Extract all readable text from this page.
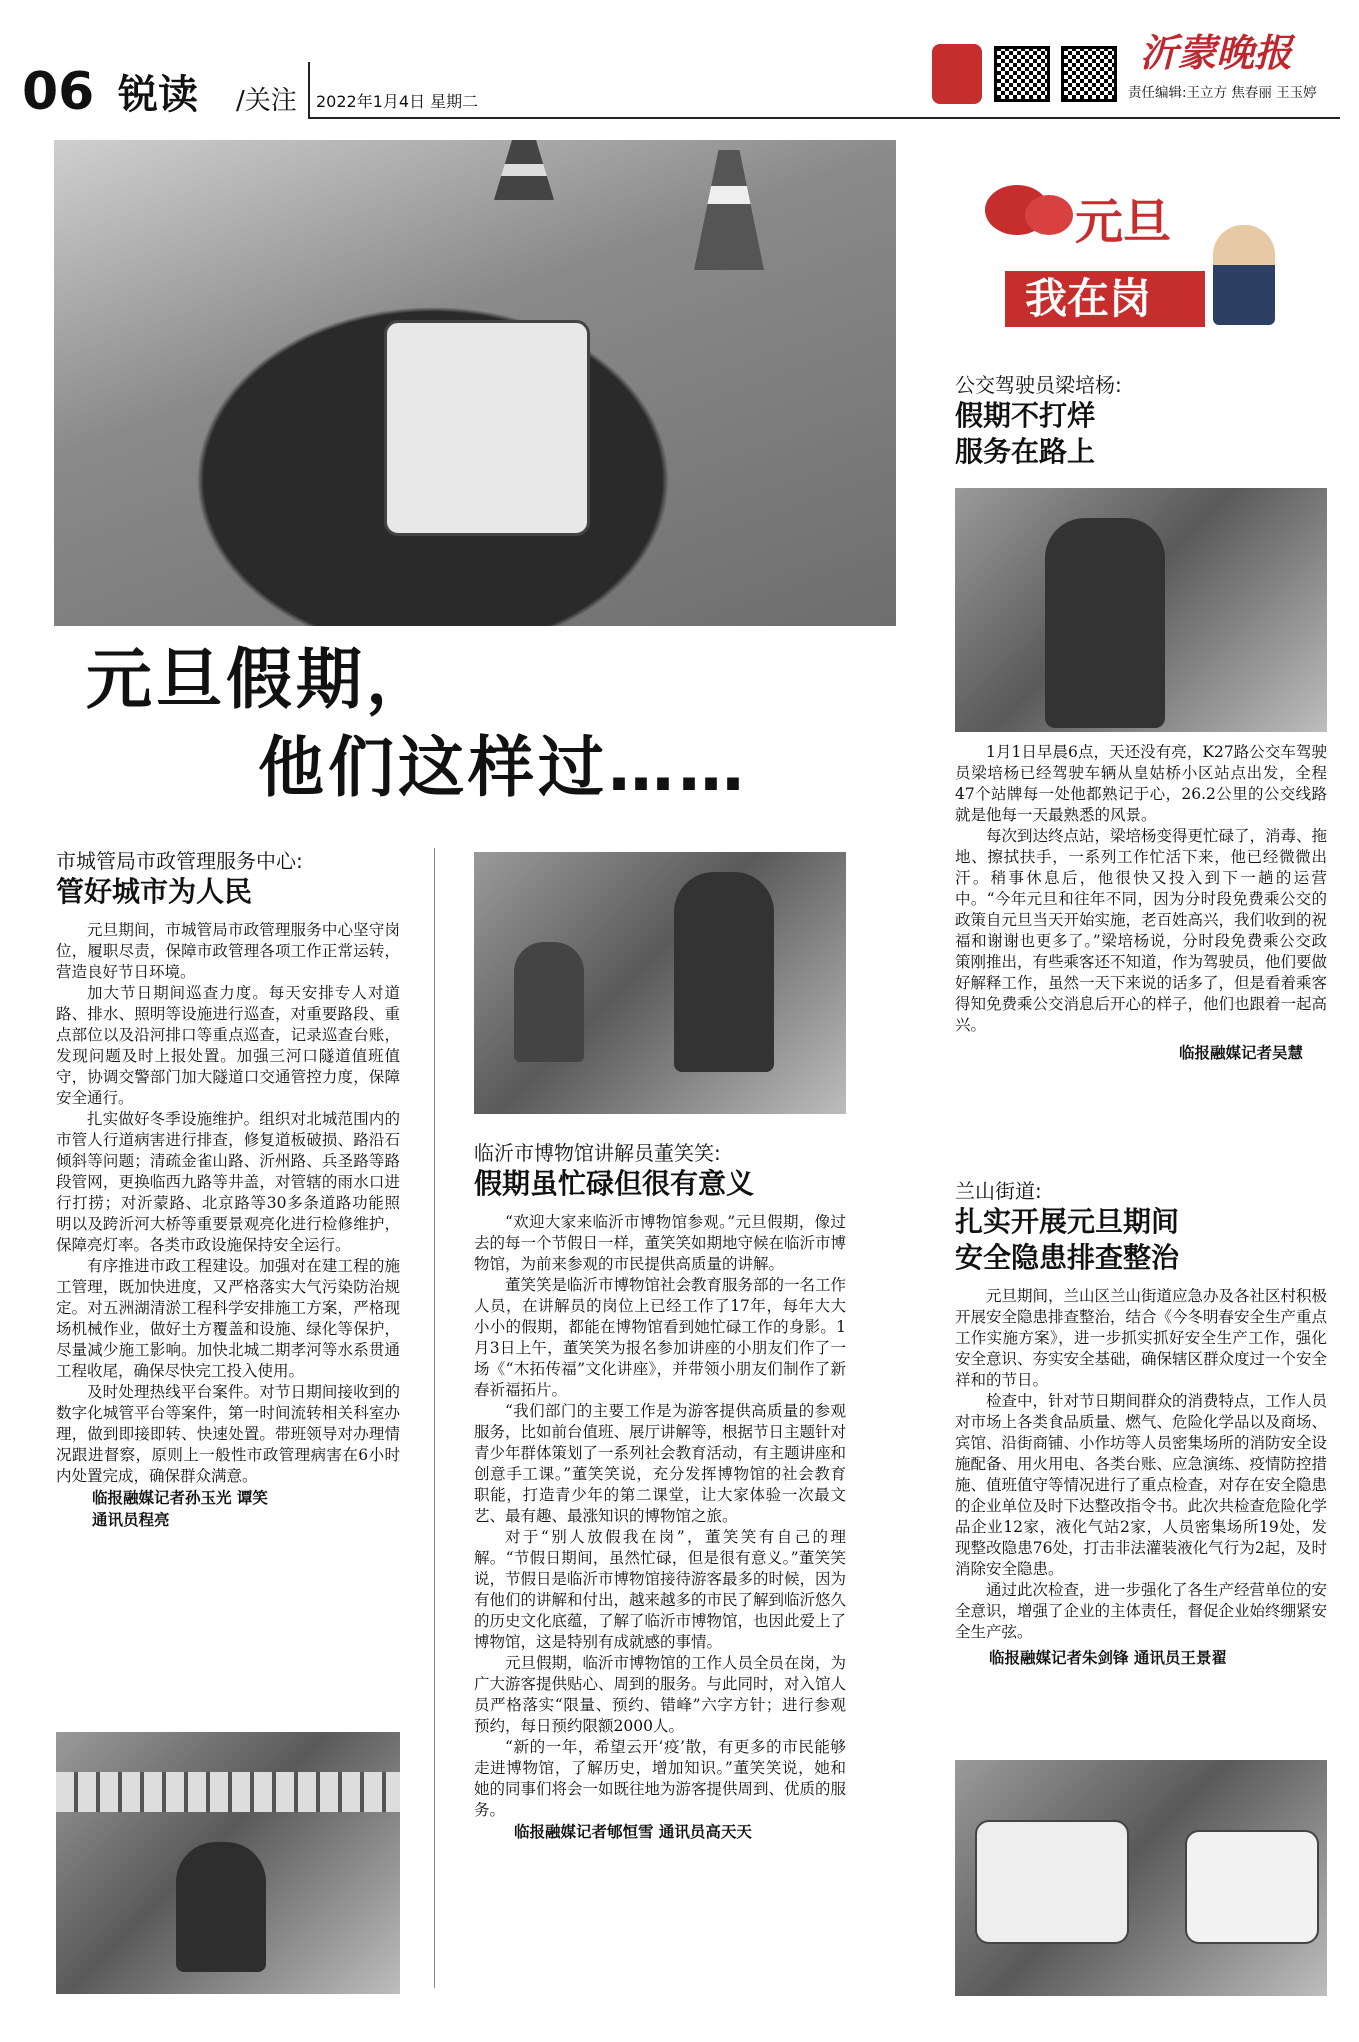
06 锐读 /关注 2022年1月4日 星期二
沂蒙晚报
责任编辑:王立方 焦春丽 王玉婷
元旦假期，
他们这样过……
元旦
我在岗
公交驾驶员梁培杨:
假期不打烊
服务在路上

1月1日早晨6点，天还没有亮，K27路公交车驾驶员梁培杨已经驾驶车辆从皇姑桥小区站点出发，全程47个站牌每一处他都熟记于心，26.2公里的公交线路就是他每一天最熟悉的风景。

每次到达终点站，梁培杨变得更忙碌了，消毒、拖地、擦拭扶手，一系列工作忙活下来，他已经微微出汗。稍事休息后，他很快又投入到下一趟的运营中。“今年元旦和往年不同，因为分时段免费乘公交的政策自元旦当天开始实施，老百姓高兴，我们收到的祝福和谢谢也更多了。”梁培杨说，分时段免费乘公交政策刚推出，有些乘客还不知道，作为驾驶员，他们要做好解释工作，虽然一天下来说的话多了，但是看着乘客得知免费乘公交消息后开心的样子，他们也跟着一起高兴。

临报融媒记者吴慧
兰山街道:
扎实开展元旦期间
安全隐患排查整治

元旦期间，兰山区兰山街道应急办及各社区村积极开展安全隐患排查整治，结合《今冬明春安全生产重点工作实施方案》，进一步抓实抓好安全生产工作，强化安全意识、夯实安全基础，确保辖区群众度过一个安全祥和的节日。

检查中，针对节日期间群众的消费特点，工作人员对市场上各类食品质量、燃气、危险化学品以及商场、宾馆、沿街商铺、小作坊等人员密集场所的消防安全设施配备、用火用电、各类台账、应急演练、疫情防控措施、值班值守等情况进行了重点检查，对存在安全隐患的企业单位及时下达整改指令书。此次共检查危险化学品企业12家，液化气站2家，人员密集场所19处，发现整改隐患76处，打击非法灌装液化气行为2起，及时消除安全隐患。

通过此次检查，进一步强化了各生产经营单位的安全意识，增强了企业的主体责任，督促企业始终绷紧安全生产弦。

临报融媒记者朱剑锋 通讯员王景翟
市城管局市政管理服务中心:
管好城市为人民

元旦期间，市城管局市政管理服务中心坚守岗位，履职尽责，保障市政管理各项工作正常运转，营造良好节日环境。

加大节日期间巡查力度。每天安排专人对道路、排水、照明等设施进行巡查，对重要路段、重点部位以及沿河排口等重点巡查，记录巡查台账，发现问题及时上报处置。加强三河口隧道值班值守，协调交警部门加大隧道口交通管控力度，保障安全通行。

扎实做好冬季设施维护。组织对北城范围内的市管人行道病害进行排查，修复道板破损、路沿石倾斜等问题；清疏金雀山路、沂州路、兵圣路等路段管网，更换临西九路等井盖，对管辖的雨水口进行打捞；对沂蒙路、北京路等30多条道路功能照明以及跨沂河大桥等重要景观亮化进行检修维护，保障亮灯率。各类市政设施保持安全运行。

有序推进市政工程建设。加强对在建工程的施工管理，既加快进度，又严格落实大气污染防治规定。对五洲湖清淤工程科学安排施工方案，严格现场机械作业，做好土方覆盖和设施、绿化等保护，尽量减少施工影响。加快北城二期孝河等水系贯通工程收尾，确保尽快完工投入使用。

及时处理热线平台案件。对节日期间接收到的数字化城管平台等案件，第一时间流转相关科室办理，做到即接即转、快速处置。带班领导对办理情况跟进督察，原则上一般性市政管理病害在6小时内处置完成，确保群众满意。

临报融媒记者孙玉光 谭笑
通讯员程亮
临沂市博物馆讲解员董笑笑:
假期虽忙碌但很有意义

“欢迎大家来临沂市博物馆参观。”元旦假期，像过去的每一个节假日一样，董笑笑如期地守候在临沂市博物馆，为前来参观的市民提供高质量的讲解。

董笑笑是临沂市博物馆社会教育服务部的一名工作人员，在讲解员的岗位上已经工作了17年，每年大大小小的假期，都能在博物馆看到她忙碌工作的身影。1月3日上午，董笑笑为报名参加讲座的小朋友们作了一场《“木拓传福”文化讲座》，并带领小朋友们制作了新春祈福拓片。

“我们部门的主要工作是为游客提供高质量的参观服务，比如前台值班、展厅讲解等，根据节日主题针对青少年群体策划了一系列社会教育活动，有主题讲座和创意手工课。”董笑笑说，充分发挥博物馆的社会教育职能，打造青少年的第二课堂，让大家体验一次最文艺、最有趣、最涨知识的博物馆之旅。

对于“别人放假我在岗”，董笑笑有自己的理解。“节假日期间，虽然忙碌，但是很有意义。”董笑笑说，节假日是临沂市博物馆接待游客最多的时候，因为有他们的讲解和付出，越来越多的市民了解到临沂悠久的历史文化底蕴，了解了临沂市博物馆，也因此爱上了博物馆，这是特别有成就感的事情。

元旦假期，临沂市博物馆的工作人员全员在岗，为广大游客提供贴心、周到的服务。与此同时，对入馆人员严格落实“限量、预约、错峰”六字方针；进行参观预约，每日预约限额2000人。

“新的一年，希望云开‘疫’散，有更多的市民能够走进博物馆，了解历史，增加知识。”董笑笑说，她和她的同事们将会一如既往地为游客提供周到、优质的服务。

临报融媒记者郇恒雪 通讯员高天天
